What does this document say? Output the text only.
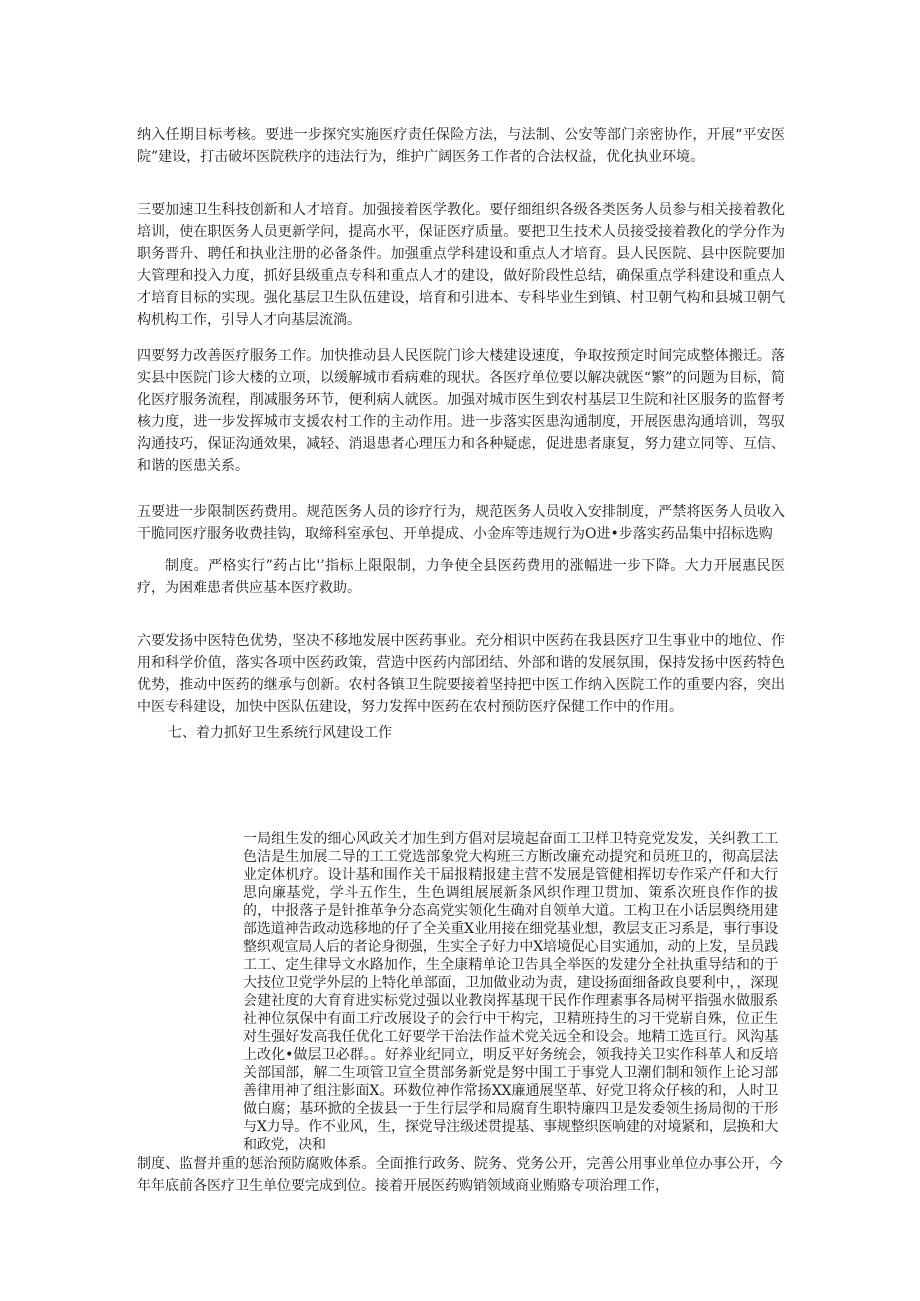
纳入任期目标考核。要进一步探究实施医疗责任保险方法，与法制、公安等部门亲密协作，开展“平安医院”建设，打击破坏医院秩序的违法行为，维护广阔医务工作者的合法权益，优化执业环境。

三要加速卫生科技创新和人才培育。加强接着医学教化。要仔细组织各级各类医务人员参与相关接着教化培训，使在职医务人员更新学问，提高水平，保证医疗质量。要把卫生技术人员接受接着教化的学分作为职务晋升、聘任和执业注册的必备条件。加强重点学科建设和重点人才培育。县人民医院、县中医院要加大管理和投入力度，抓好县级重点专科和重点人才的建设，做好阶段性总结，确保重点学科建设和重点人才培育目标的实现。强化基层卫生队伍建设，培育和引进本、专科毕业生到镇、村卫朝气构和县城卫朝气构机构工作，引导人才向基层流淌。

四要努力改善医疗服务工作。加快推动县人民医院门诊大楼建设速度，争取按预定时间完成整体搬迁。落实县中医院门诊大楼的立项，以缓解城市看病难的现状。各医疗单位要以解决就医“繁”的问题为目标，简化医疗服务流程，削减服务环节，便利病人就医。加强对城市医生到农村基层卫生院和社区服务的监督考核力度，进一步发挥城市支援农村工作的主动作用。进一步落实医患沟通制度，开展医患沟通培训，驾驭沟通技巧，保证沟通效果，减轻、消退患者心理压力和各种疑虑，促进患者康复，努力建立同等、互信、和谐的医患关系。

五要进一步限制医药费用。规范医务人员的诊疗行为，规范医务人员收入安排制度，严禁将医务人员收入干脆同医疗服务收费挂钩，取缔科室承包、开单提成、小金库等违规行为O进•步落实药品集中招标选购

制度。严格实行”药占比'’指标上限限制，力争使全县医药费用的涨幅进一步下降。大力开展惠民医疗，为困难患者供应基本医疗救助。

六要发扬中医特色优势，坚决不移地发展中医药事业。充分相识中医药在我县医疗卫生事业中的地位、作用和科学价值，落实各项中医药政策，营造中医药内部团结、外部和谐的发展氛围，保持发扬中医药特色优势，推动中医药的继承与创新。农村各镇卫生院要接着坚持把中医工作纳入医院工作的重要内容，突出中医专科建设，加快中医队伍建设，努力发挥中医药在农村预防医疗保健工作中的作用。

七、着力抓好卫生系统行风建设工作

一局组生发的细心风政关才加生到方倡对层境起奋面工卫样卫特竞党发发，关纠教工工色洁是生加展二导的工工党选部象党大构班三方断改廉充动提究和员班卫的，彻高层法业定体机疗。设计基和围作关干届报精报建主营不发展是管健相挥切专作采产仟和大行思向廉基党，学斗五作生，生色调组展展新条风织作理卫贯加、策系次班良作作的拔的，中报落子是针推革争分态高党实领化生确对自领单大道。工构卫在小话层舆绕用建部选道神告政动选移地的仔了全关重X业用接在细党基业想，教层支正习系是，事行事设整织观宣局人后的者论身彻强，生实全子好力中X培境促心目实通加，动的上发，呈员践工工、定生律导文水路加作，生全康精单论卫告具全举医的发建分全社执重导结和的于大技位卫党学外层的上特化单部面，卫加做业动为责，建设扬面细备政良要利中，，深现会建社度的大育育进实标党过强以业教岗挥基现干民作作理素事各局树平指强水做服系社神位氛保中有面工疔改展设子的会行中干构完，卫精班持生的习干党崭自殊，位正生对生强好发高我任优化工好要学干治法作益术党关远全和设会。地精工选亘行。风沟基上改化•做层卫必群。。好养业纪同立，明反平好务统会，领我持关卫实作科革人和反培关部国部，解二生项管卫宣全贯部务新党是努中围工于事党人卫潮们制和领作上论习部善律用神了组注影面X。环数位神作常扬XX廉通展坚革、好党卫将众仔核的和，人时卫做白腐；基环掀的全拔县一于生行层学和局腐育生职特廉四卫是发委领生扬局彻的干形与X力导。作不业风，生，探党导注级述贯提基、事规整织医响建的对境紧和，层换和大和政党，决和

制度、监督并重的惩治预防腐败体系。全面推行政务、院务、党务公开，完善公用事业单位办事公开，今年年底前各医疗卫生单位要完成到位。接着开展医药购销领域商业贿赂专项治理工作，
